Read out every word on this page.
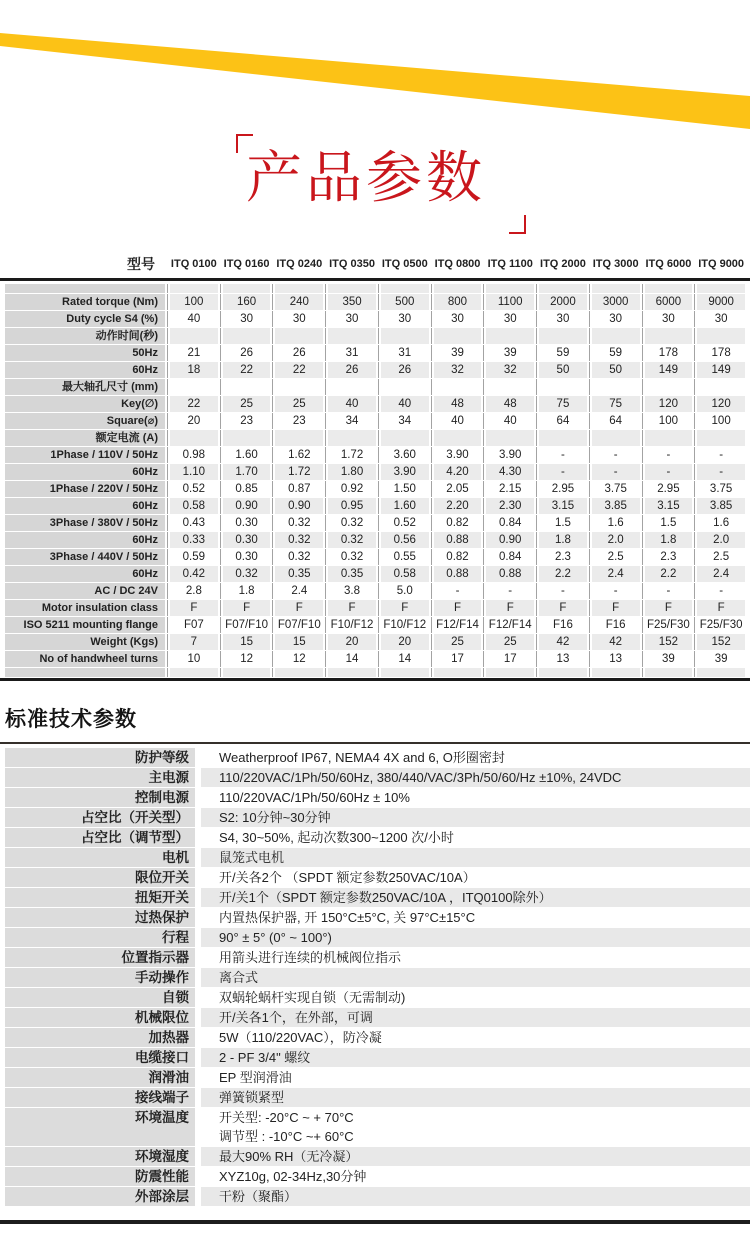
产品参数
型号	ITQ 0100 ITQ 0160 ITQ 0240 ITQ 0350 ITQ 0500 ITQ 0800 ITQ 1100 ITQ 2000 ITQ 3000 ITQ 6000 ITQ 9000
Rated torque (Nm)	100	160	240	350	500	800	1100	2000	3000	6000	9000
Duty cycle S4 (%)	40	30	30	30	30	30	30	30	30	30	30
动作时间(秒)
50Hz	21	26	26	31	31	39	39	59	59	178	178
60Hz	18	22	22	26	26	32	32	50	50	149	149
最大轴孔尺寸 (mm)
Key(∅)	22	25	25	40	40	48	48	75	75	120	120
Square(⌀)	20	23	23	34	34	40	40	64	64	100	100
额定电流 (A)
1Phase / 110V / 50Hz	0.98	1.60	1.62	1.72	3.60	3.90	3.90	-	-	-	-
60Hz	1.10	1.70	1.72	1.80	3.90	4.20	4.30	-	-	-	-
1Phase / 220V / 50Hz	0.52	0.85	0.87	0.92	1.50	2.05	2.15	2.95	3.75	2.95	3.75
60Hz	0.58	0.90	0.90	0.95	1.60	2.20	2.30	3.15	3.85	3.15	3.85
3Phase / 380V / 50Hz	0.43	0.30	0.32	0.32	0.52	0.82	0.84	1.5	1.6	1.5	1.6
60Hz	0.33	0.30	0.32	0.32	0.56	0.88	0.90	1.8	2.0	1.8	2.0
3Phase / 440V / 50Hz	0.59	0.30	0.32	0.32	0.55	0.82	0.84	2.3	2.5	2.3	2.5
60Hz	0.42	0.32	0.35	0.35	0.58	0.88	0.88	2.2	2.4	2.2	2.4
AC / DC 24V	2.8	1.8	2.4	3.8	5.0	-	-	-	-	-	-
Motor insulation class	F	F	F	F	F	F	F	F	F	F	F
ISO 5211 mounting flange	F07	F07/F10 F07/F10 F10/F12 F10/F12 F12/F14 F12/F14	F16	F16	F25/F30 F25/F30
Weight (Kgs)	7	15	15	20	20	25	25	42	42	152	152
No of handwheel turns	10	12	12	14	14	17	17	13	13	39	39
标准技术参数
防护等级	Weatherproof IP67, NEMA4 4X and 6, O形圈密封
主电源	110/220VAC/1Ph/50/60Hz, 380/440/VAC/3Ph/50/60/Hz ±10%, 24VDC
控制电源	110/220VAC/1Ph/50/60Hz ± 10%
占空比（开关型）	S2: 10分钟~30分钟
占空比（调节型）	S4, 30~50%, 起动次数300~1200 次/小时
电机	鼠笼式电机
限位开关	开/关各2个 （SPDT 额定参数250VAC/10A）
扭矩开关	开/关1个（SPDT 额定参数250VAC/10A ，ITQ0100除外）
过热保护	内置热保护器, 开 150°C±5°C, 关 97°C±15°C
行程	90° ± 5° (0° ~ 100°)
位置指示器	用箭头进行连续的机械阀位指示
手动操作	离合式
自锁	双蜗轮蜗杆实现自锁（无需制动)
机械限位	开/关各1个，在外部，可调
加热器	5W（110/220VAC），防冷凝
电缆接口	2 - PF 3/4" 螺纹
润滑油	EP 型润滑油
接线端子	弹簧锁紧型
环境温度	开关型: -20°C ~ + 70°C
调节型 : -10°C ~+ 60°C
环境湿度	最大90% RH（无冷凝）
防震性能	XYZ10g, 02-34Hz,30分钟
外部涂层	干粉（聚酯）
